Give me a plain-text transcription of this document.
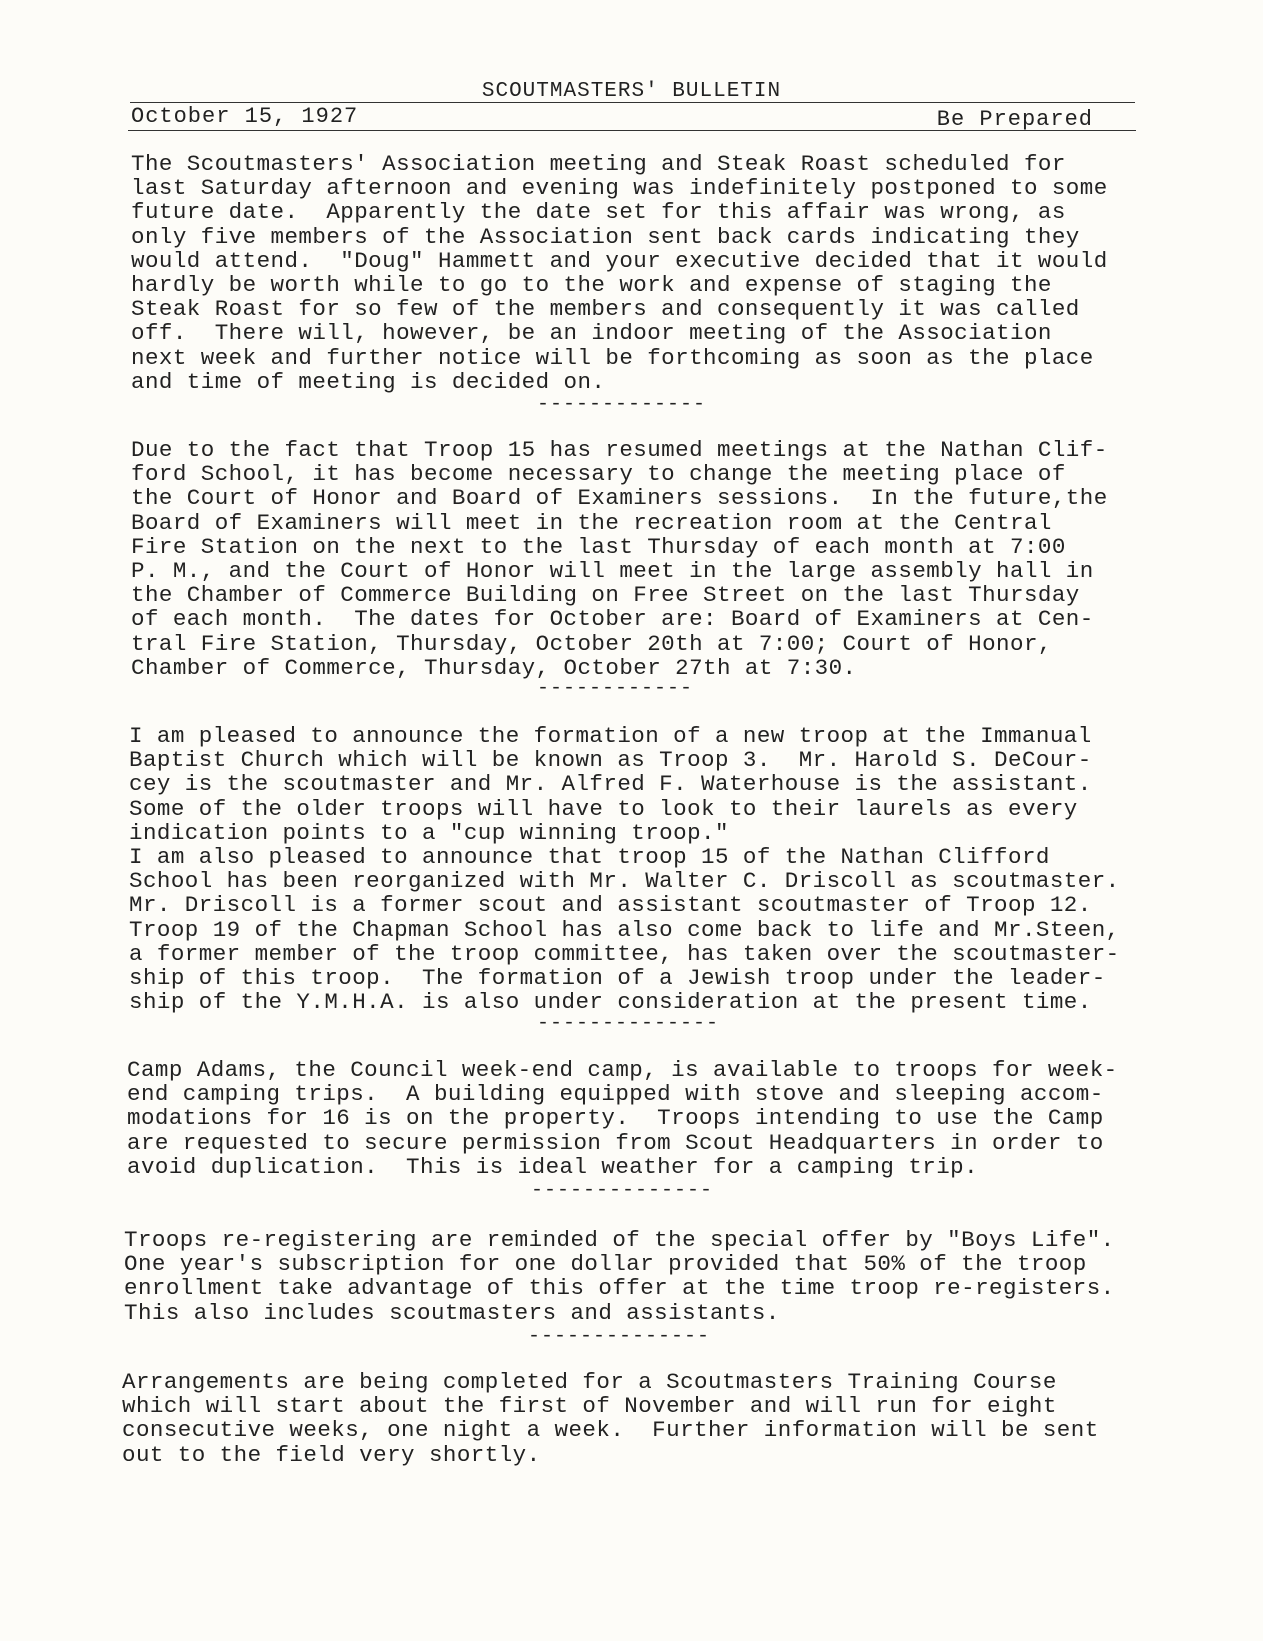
SCOUTMASTERS' BULLETIN
October 15, 1927	Be Prepared

The Scoutmasters' Association meeting and Steak Roast scheduled for
last Saturday afternoon and evening was indefinitely postponed to some
future date.  Apparently the date set for this affair was wrong, as
only five members of the Association sent back cards indicating they
would attend.  "Doug" Hammett and your executive decided that it would
hardly be worth while to go to the work and expense of staging the
Steak Roast for so few of the members and consequently it was called
off.  There will, however, be an indoor meeting of the Association
next week and further notice will be forthcoming as soon as the place
and time of meeting is decided on.

-------------

Due to the fact that Troop 15 has resumed meetings at the Nathan Clif-
ford School, it has become necessary to change the meeting place of
the Court of Honor and Board of Examiners sessions.  In the future,the
Board of Examiners will meet in the recreation room at the Central
Fire Station on the next to the last Thursday of each month at 7:00
P. M., and the Court of Honor will meet in the large assembly hall in
the Chamber of Commerce Building on Free Street on the last Thursday
of each month.  The dates for October are: Board of Examiners at Cen-
tral Fire Station, Thursday, October 20th at 7:00; Court of Honor,
Chamber of Commerce, Thursday, October 27th at 7:30.

------------

I am pleased to announce the formation of a new troop at the Immanual
Baptist Church which will be known as Troop 3.  Mr. Harold S. DeCour-
cey is the scoutmaster and Mr. Alfred F. Waterhouse is the assistant.
Some of the older troops will have to look to their laurels as every
indication points to a "cup winning troop."
I am also pleased to announce that troop 15 of the Nathan Clifford
School has been reorganized with Mr. Walter C. Driscoll as scoutmaster.
Mr. Driscoll is a former scout and assistant scoutmaster of Troop 12.
Troop 19 of the Chapman School has also come back to life and Mr.Steen,
a former member of the troop committee, has taken over the scoutmaster-
ship of this troop.  The formation of a Jewish troop under the leader-
ship of the Y.M.H.A. is also under consideration at the present time.

--------------

Camp Adams, the Council week-end camp, is available to troops for week-
end camping trips.  A building equipped with stove and sleeping accom-
modations for 16 is on the property.  Troops intending to use the Camp
are requested to secure permission from Scout Headquarters in order to
avoid duplication.  This is ideal weather for a camping trip.

--------------

Troops re-registering are reminded of the special offer by "Boys Life".
One year's subscription for one dollar provided that 50% of the troop
enrollment take advantage of this offer at the time troop re-registers.
This also includes scoutmasters and assistants.

--------------

Arrangements are being completed for a Scoutmasters Training Course
which will start about the first of November and will run for eight
consecutive weeks, one night a week.  Further information will be sent
out to the field very shortly.
